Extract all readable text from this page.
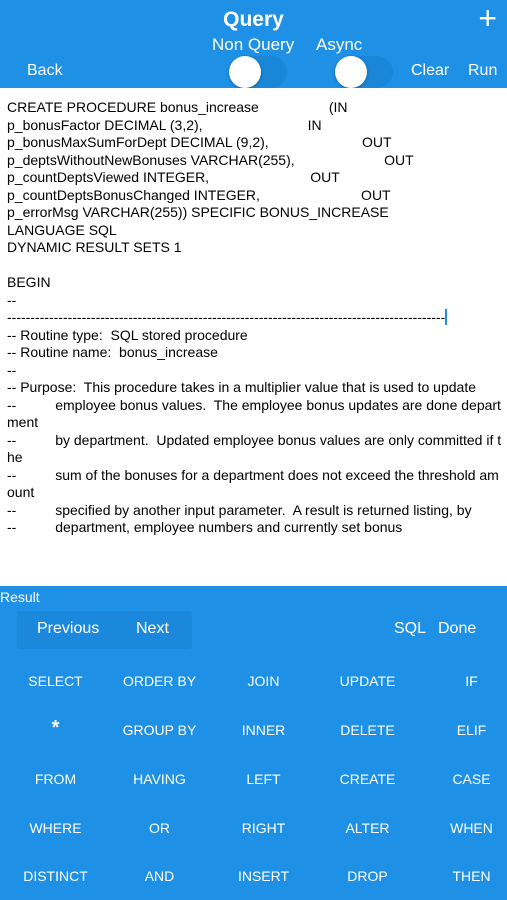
Query	+
Non Query Async
Back	Clear Run
CREATE PROCEDURE bonus_increase                  (IN
p_bonusFactor DECIMAL (3,2),                           IN
p_bonusMaxSumForDept DECIMAL (9,2),                        OUT
p_deptsWithoutNewBonuses VARCHAR(255),                       OUT
p_countDeptsViewed INTEGER,                          OUT
p_countDeptsBonusChanged INTEGER,                          OUT
p_errorMsg VARCHAR(255)) SPECIFIC BONUS_INCREASE
LANGUAGE SQL
DYNAMIC RESULT SETS 1

BEGIN
--
----------------------------------------------------------------------------------------------
-- Routine type:  SQL stored procedure
-- Routine name:  bonus_increase
--
-- Purpose:  This procedure takes in a multiplier value that is used to update
--          employee bonus values.  The employee bonus updates are done department
--          by department.  Updated employee bonus values are only committed if the
--          sum of the bonuses for a department does not exceed the threshold amount
--          specified by another input parameter.  A result is returned listing, by
--          department, employee numbers and currently set bonus
Result
Previous Next	SQL Done
SELECT	ORDER BY	JOIN	UPDATE	IF
*	GROUP BY	INNER	DELETE	ELIF
FROM	HAVING	LEFT	CREATE	CASE
WHERE	OR	RIGHT	ALTER	WHEN
DISTINCT	AND	INSERT	DROP	THEN
